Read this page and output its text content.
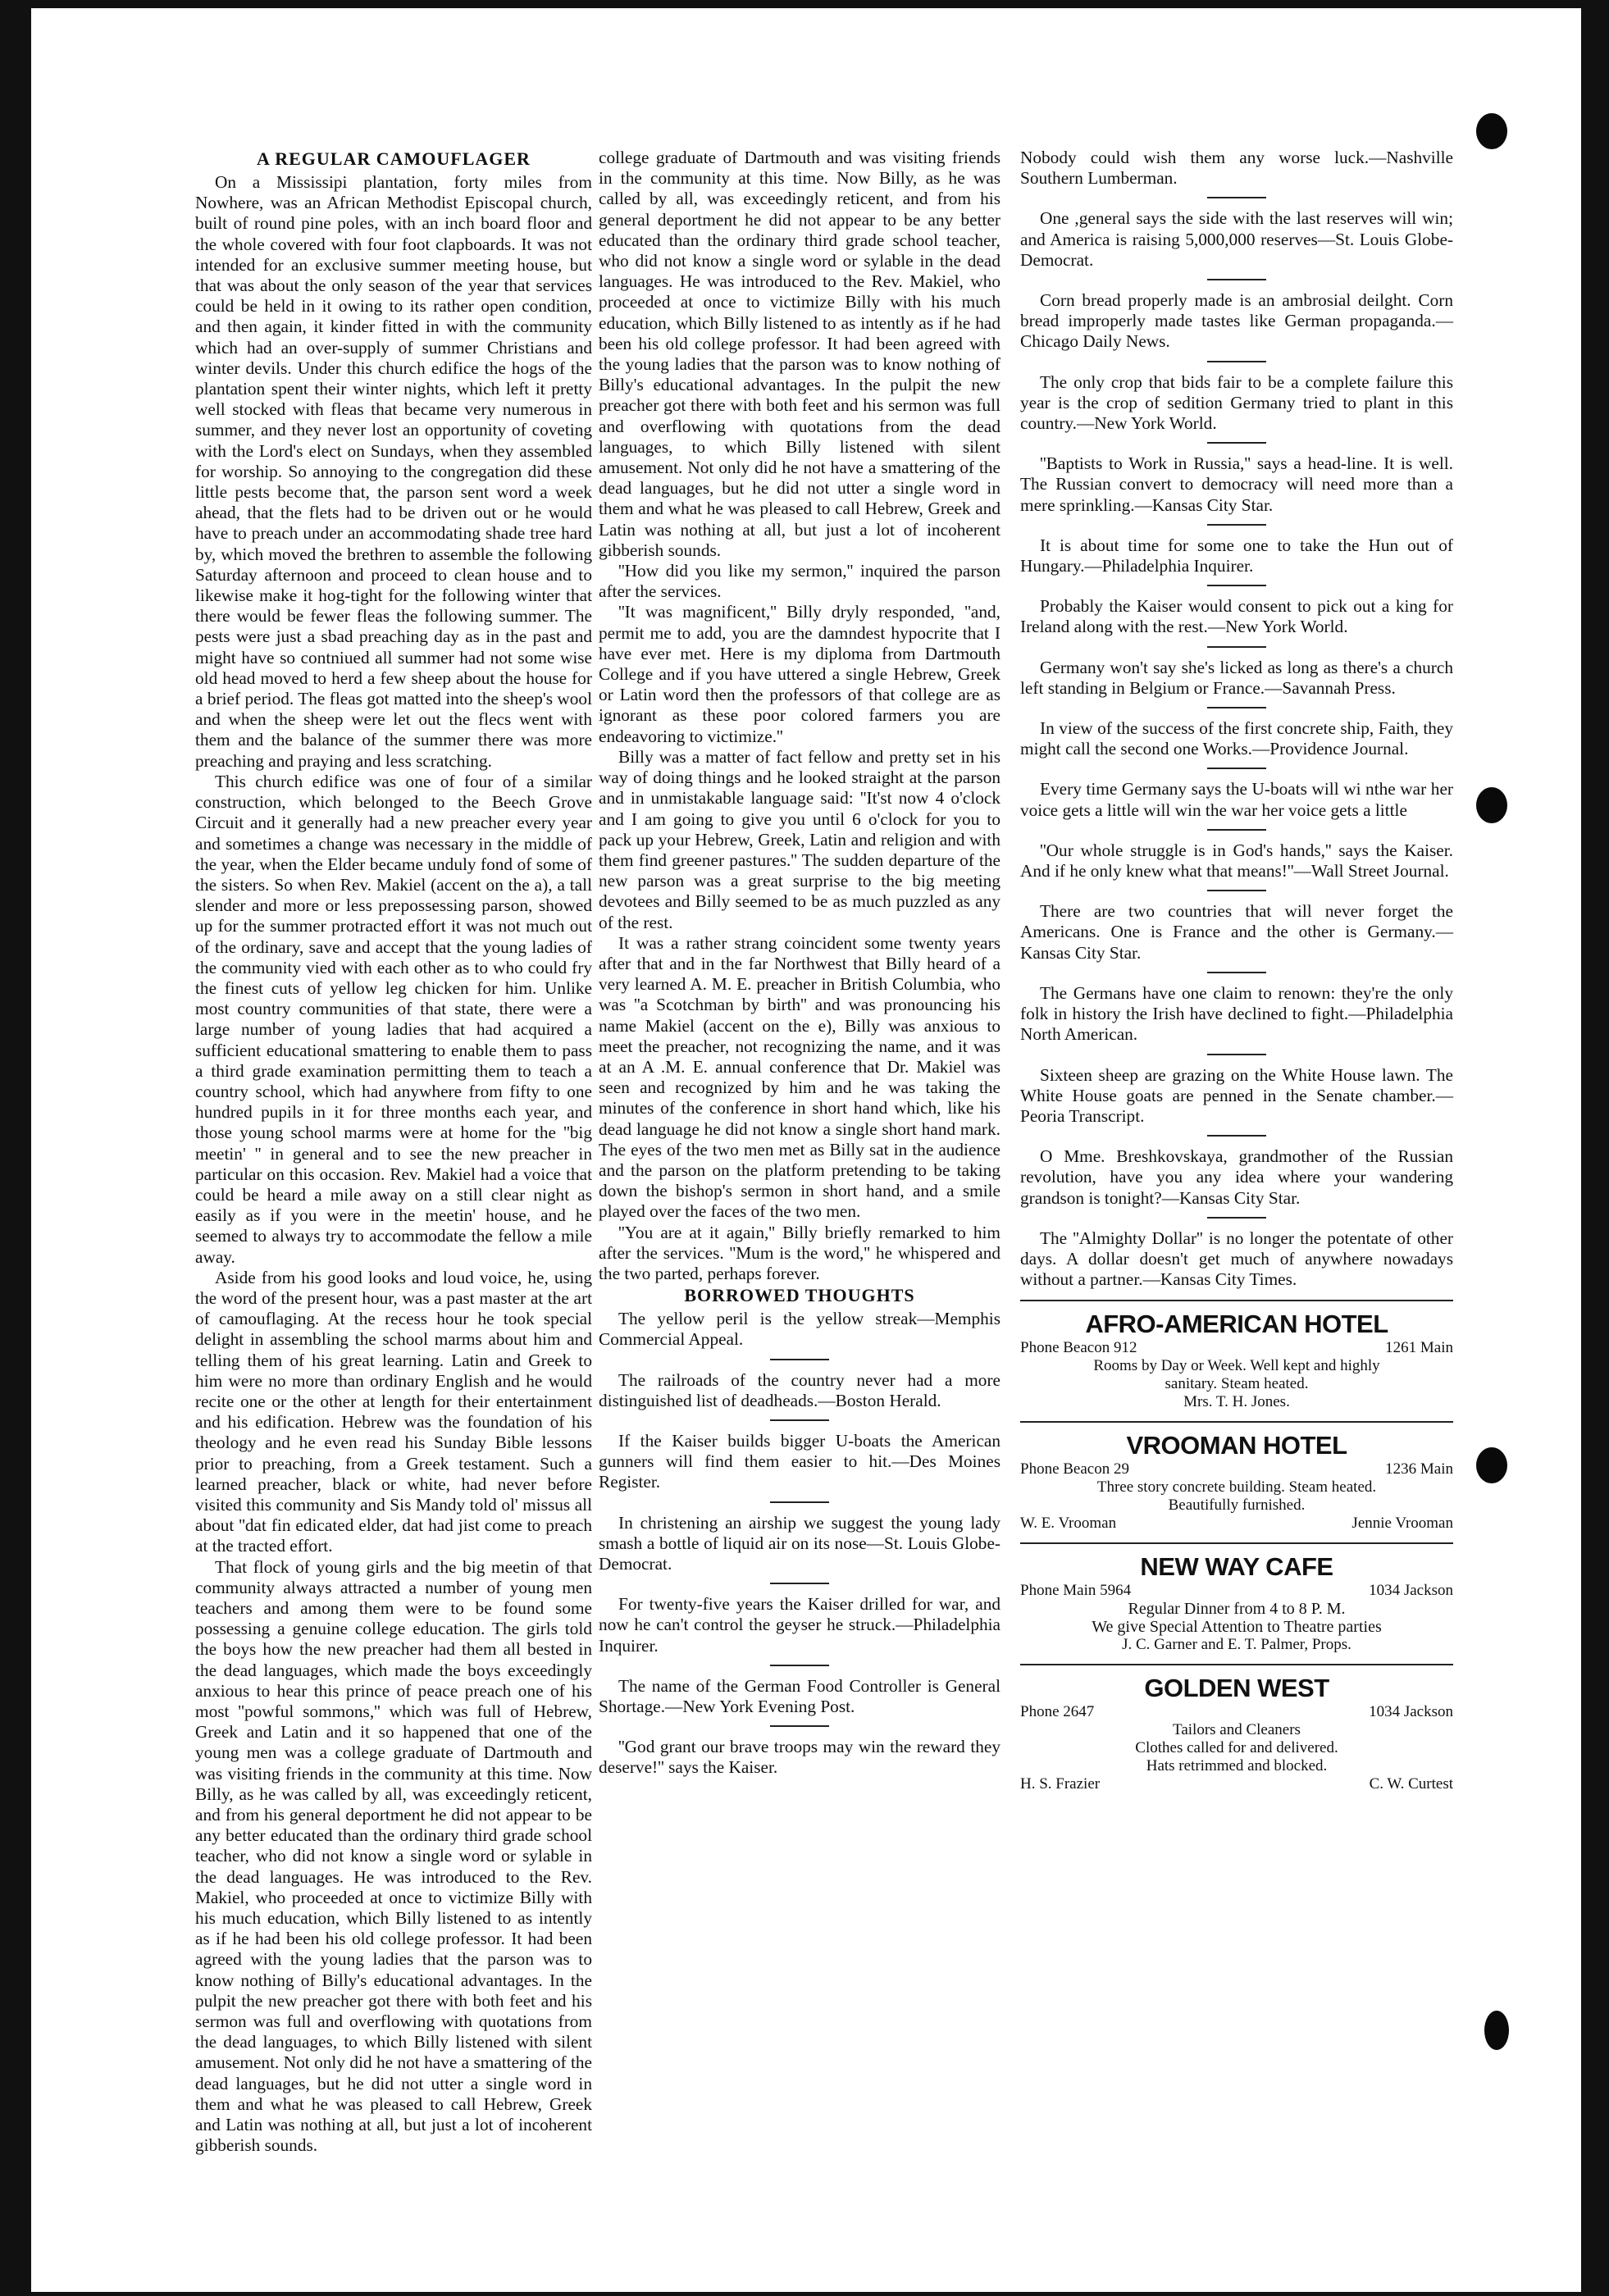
A REGULAR CAMOUFLAGER

On a Mississipi plantation, forty miles from Nowhere, was an African Methodist Episcopal church, built of round pine poles, with an inch board floor and the whole covered with four foot clapboards. It was not intended for an exclusive summer meeting house, but that was about the only season of the year that services could be held in it owing to its rather open condition, and then again, it kinder fitted in with the community which had an over-supply of summer Christians and winter devils. Under this church edifice the hogs of the plantation spent their winter nights, which left it pretty well stocked with fleas that became very numerous in summer, and they never lost an opportunity of coveting with the Lord's elect on Sundays, when they assembled for worship. So annoying to the congregation did these little pests become that, the parson sent word a week ahead, that the flets had to be driven out or he would have to preach under an accommodating shade tree hard by, which moved the brethren to assemble the following Saturday afternoon and proceed to clean house and to likewise make it hog-tight for the following winter that there would be fewer fleas the following summer. The pests were just a sbad preaching day as in the past and might have so contniued all summer had not some wise old head moved to herd a few sheep about the house for a brief period. The fleas got matted into the sheep's wool and when the sheep were let out the flecs went with them and the balance of the summer there was more preaching and praying and less scratching.

This church edifice was one of four of a similar construction, which belonged to the Beech Grove Circuit and it generally had a new preacher every year and sometimes a change was necessary in the middle of the year, when the Elder became unduly fond of some of the sisters. So when Rev. Makiel (accent on the a), a tall slender and more or less prepossessing parson, showed up for the summer protracted effort it was not much out of the ordinary, save and accept that the young ladies of the community vied with each other as to who could fry the finest cuts of yellow leg chicken for him. Unlike most country communities of that state, there were a large number of young ladies that had acquired a sufficient educational smattering to enable them to pass a third grade examination permitting them to teach a country school, which had anywhere from fifty to one hundred pupils in it for three months each year, and those young school marms were at home for the ''big meetin' '' in general and to see the new preacher in particular on this occasion. Rev. Makiel had a voice that could be heard a mile away on a still clear night as easily as if you were in the meetin' house, and he seemed to always try to accommodate the fellow a mile away.

Aside from his good looks and loud voice, he, using the word of the present hour, was a past master at the art of camouflaging. At the recess hour he took special delight in assembling the school marms about him and telling them of his great learning. Latin and Greek to him were no more than ordinary English and he would recite one or the other at length for their entertainment and his edification. Hebrew was the foundation of his theology and he even read his Sunday Bible lessons prior to preaching, from a Greek testament. Such a learned preacher, black or white, had never before visited this community and Sis Mandy told ol' missus all about ''dat fin edicated elder, dat had jist come to preach at the tracted effort.

That flock of young girls and the big meetin of that community always attracted a number of young men teachers and among them were to be found some possessing a genuine college education. The girls told the boys how the new preacher had them all bested in the dead languages, which made the boys exceedingly anxious to hear this prince of peace preach one of his most ''powful sommons,'' which was full of Hebrew, Greek and Latin and it so happened that one of the young men was a college graduate of Dartmouth and was visiting friends in the community at this time. Now Billy, as he was called by all, was exceedingly reticent, and from his general deportment he did not appear to be any better educated than the ordinary third grade school teacher, who did not know a single word or sylable in the dead languages. He was introduced to the Rev. Makiel, who proceeded at once to victimize Billy with his much education, which Billy listened to as intently as if he had been his old college professor. It had been agreed with the young ladies that the parson was to know nothing of Billy's educational advantages. In the pulpit the new preacher got there with both feet and his sermon was full and overflowing with quotations from the dead languages, to which Billy listened with silent amusement. Not only did he not have a smattering of the dead languages, but he did not utter a single word in them and what he was pleased to call Hebrew, Greek and Latin was nothing at all, but just a lot of incoherent gibberish sounds.

college graduate of Dartmouth and was visiting friends in the community at this time. Now Billy, as he was called by all, was exceedingly reticent, and from his general deportment he did not appear to be any better educated than the ordinary third grade school teacher, who did not know a single word or sylable in the dead languages. He was introduced to the Rev. Makiel, who proceeded at once to victimize Billy with his much education, which Billy listened to as intently as if he had been his old college professor. It had been agreed with the young ladies that the parson was to know nothing of Billy's educational advantages. In the pulpit the new preacher got there with both feet and his sermon was full and overflowing with quotations from the dead languages, to which Billy listened with silent amusement. Not only did he not have a smattering of the dead languages, but he did not utter a single word in them and what he was pleased to call Hebrew, Greek and Latin was nothing at all, but just a lot of incoherent gibberish sounds.

''How did you like my sermon,'' inquired the parson after the services.

''It was magnificent,'' Billy dryly responded, ''and, permit me to add, you are the damndest hypocrite that I have ever met. Here is my diploma from Dartmouth College and if you have uttered a single Hebrew, Greek or Latin word then the professors of that college are as ignorant as these poor colored farmers you are endeavoring to victimize.''

Billy was a matter of fact fellow and pretty set in his way of doing things and he looked straight at the parson and in unmistakable language said: ''It'st now 4 o'clock and I am going to give you until 6 o'clock for you to pack up your Hebrew, Greek, Latin and religion and with them find greener pastures.'' The sudden departure of the new parson was a great surprise to the big meeting devotees and Billy seemed to be as much puzzled as any of the rest.

It was a rather strang coincident some twenty years after that and in the far Northwest that Billy heard of a very learned A. M. E. preacher in British Columbia, who was ''a Scotchman by birth'' and was pronouncing his name Makiel (accent on the e), Billy was anxious to meet the preacher, not recognizing the name, and it was at an A .M. E. annual conference that Dr. Makiel was seen and recognized by him and he was taking the minutes of the conference in short hand which, like his dead language he did not know a single short hand mark. The eyes of the two men met as Billy sat in the audience and the parson on the platform pretending to be taking down the bishop's sermon in short hand, and a smile played over the faces of the two men.

''You are at it again,'' Billy briefly remarked to him after the services. ''Mum is the word,'' he whispered and the two parted, perhaps forever.

BORROWED THOUGHTS

The yellow peril is the yellow streak—Memphis Commercial Appeal.

The railroads of the country never had a more distinguished list of deadheads.—Boston Herald.

If the Kaiser builds bigger U-boats the American gunners will find them easier to hit.—Des Moines Register.

In christening an airship we suggest the young lady smash a bottle of liquid air on its nose—St. Louis Globe-Democrat.

For twenty-five years the Kaiser drilled for war, and now he can't control the geyser he struck.—Philadelphia Inquirer.

The name of the German Food Controller is General Shortage.—New York Evening Post.

''God grant our brave troops may win the reward they deserve!'' says the Kaiser.

Nobody could wish them any worse luck.—Nashville Southern Lumberman.

One ,general says the side with the last reserves will win; and America is raising 5,000,000 reserves—St. Louis Globe-Democrat.

Corn bread properly made is an ambrosial deilght. Corn bread improperly made tastes like German propaganda.—Chicago Daily News.

The only crop that bids fair to be a complete failure this year is the crop of sedition Germany tried to plant in this country.—New York World.

''Baptists to Work in Russia,'' says a head-line. It is well. The Russian convert to democracy will need more than a mere sprinkling.—Kansas City Star.

It is about time for some one to take the Hun out of Hungary.—Philadelphia Inquirer.

Probably the Kaiser would consent to pick out a king for Ireland along with the rest.—New York World.

Germany won't say she's licked as long as there's a church left standing in Belgium or France.—Savannah Press.

In view of the success of the first concrete ship, Faith, they might call the second one Works.—Providence Journal.

Every time Germany says the U-boats will wi nthe war her voice gets a little will win the war her voice gets a little

''Our whole struggle is in God's hands,'' says the Kaiser. And if he only knew what that means!''—Wall Street Journal.

There are two countries that will never forget the Americans. One is France and the other is Germany.—Kansas City Star.

The Germans have one claim to renown: they're the only folk in history the Irish have declined to fight.—Philadelphia North American.

Sixteen sheep are grazing on the White House lawn. The White House goats are penned in the Senate chamber.—Peoria Transcript.

O Mme. Breshkovskaya, grandmother of the Russian revolution, have you any idea where your wandering grandson is tonight?—Kansas City Star.

The ''Almighty Dollar'' is no longer the potentate of other days. A dollar doesn't get much of anywhere nowadays without a partner.—Kansas City Times.

AFRO-AMERICAN HOTEL
Phone Beacon 912	1261 Main
Rooms by Day or Week. Well kept and highly
sanitary. Steam heated.
Mrs. T. H. Jones.
VROOMAN HOTEL
Phone Beacon 29	1236 Main
Three story concrete building. Steam heated.
Beautifully furnished.
W. E. Vrooman	Jennie Vrooman
NEW WAY CAFE
Phone Main 5964	1034 Jackson
Regular Dinner from 4 to 8 P. M.
We give Special Attention to Theatre parties
J. C. Garner and E. T. Palmer, Props.
GOLDEN WEST
Phone 2647	1034 Jackson
Tailors and Cleaners
Clothes called for and delivered.
Hats retrimmed and blocked.
H. S. Frazier	C. W. Curtest
